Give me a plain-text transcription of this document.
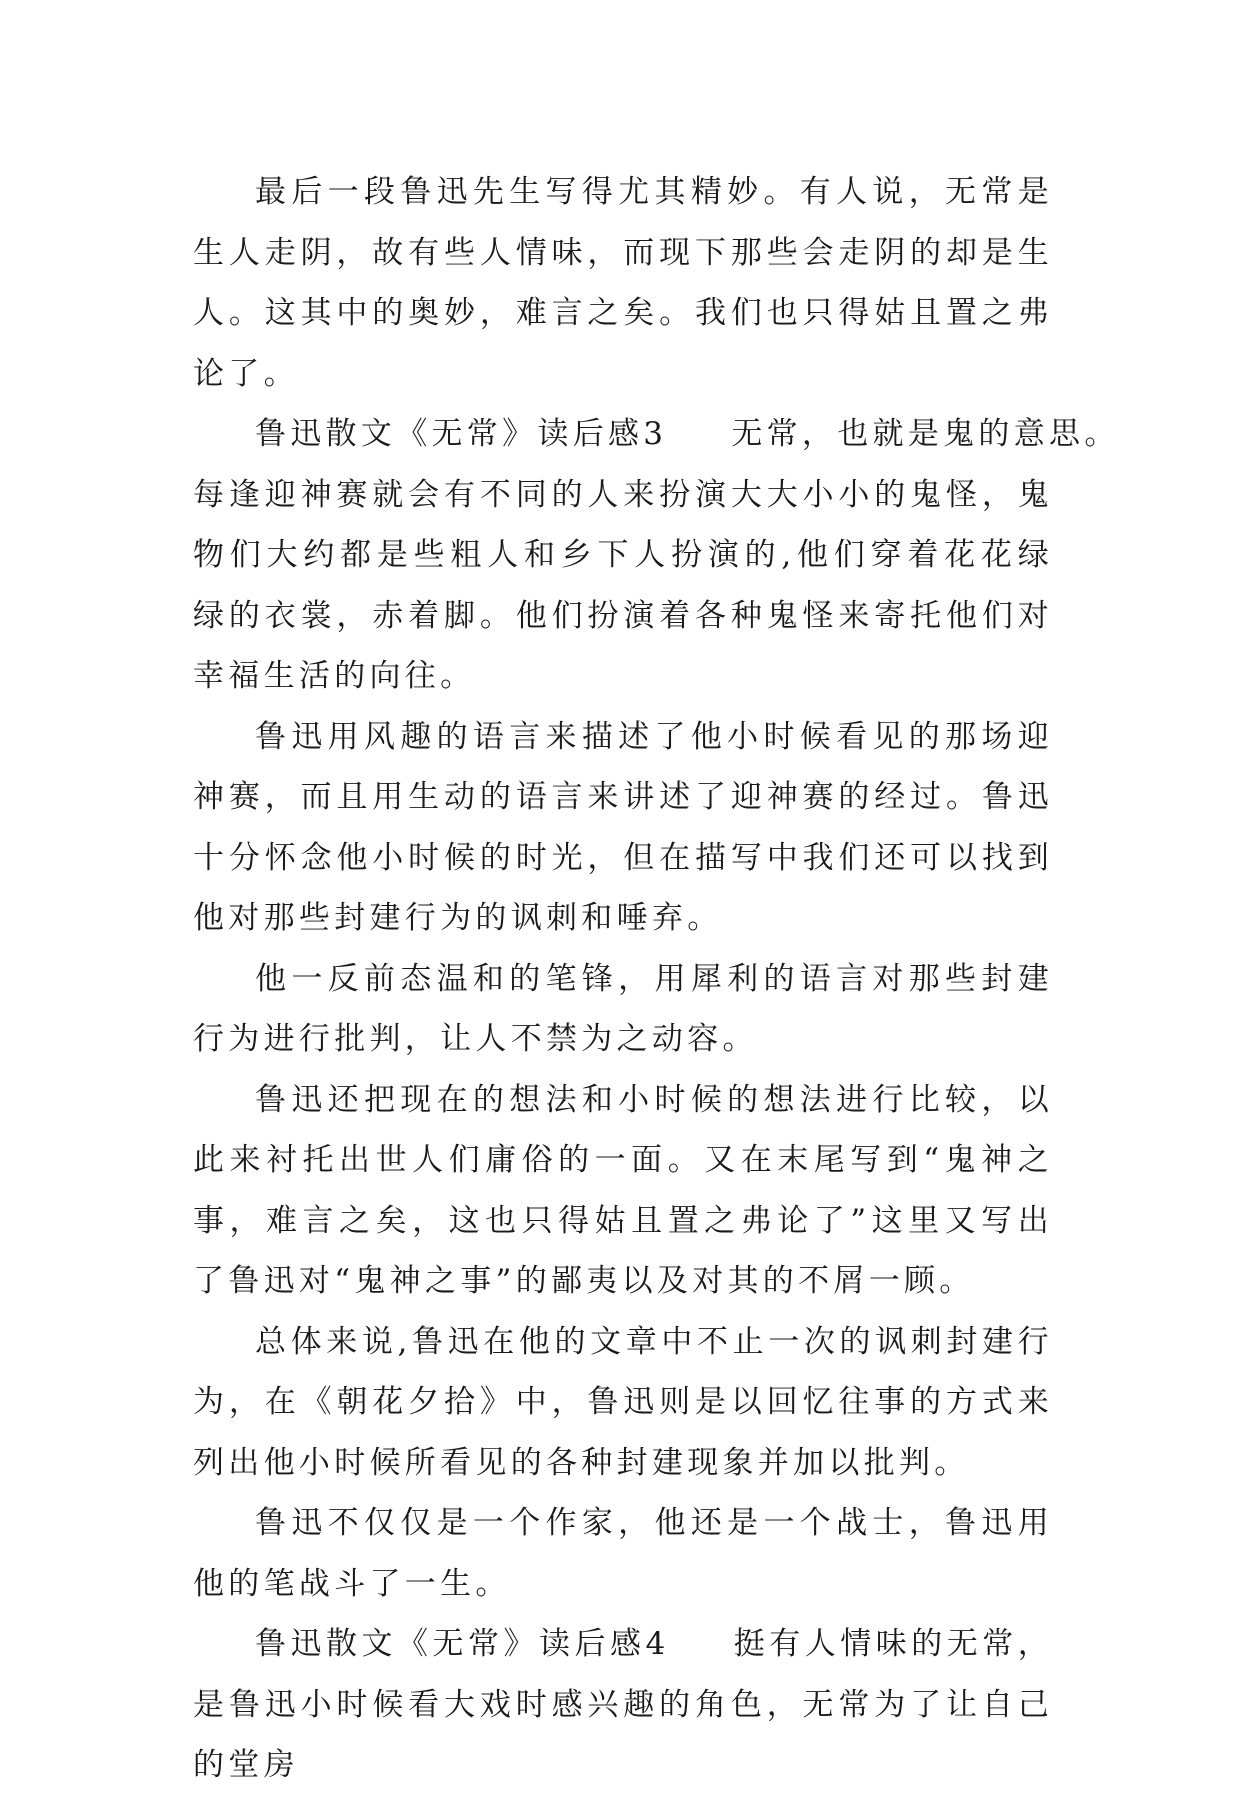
最后一段鲁迅先生写得尤其精妙。有人说，无常是生人走阴，故有些人情味，而现下那些会走阴的却是生人。这其中的奥妙，难言之矣。我们也只得姑且置之弗论了。

鲁迅散文《无常》读后感3 无常，也就是鬼的意思。每逢迎神赛就会有不同的人来扮演大大小小的鬼怪，鬼物们大约都是些粗人和乡下人扮演的,他们穿着花花绿绿的衣裳，赤着脚。他们扮演着各种鬼怪来寄托他们对幸福生活的向往。

鲁迅用风趣的语言来描述了他小时候看见的那场迎神赛，而且用生动的语言来讲述了迎神赛的经过。鲁迅十分怀念他小时候的时光，但在描写中我们还可以找到他对那些封建行为的讽刺和唾弃。

他一反前态温和的笔锋，用犀利的语言对那些封建行为进行批判，让人不禁为之动容。

鲁迅还把现在的想法和小时候的想法进行比较，以此来衬托出世人们庸俗的一面。又在末尾写到“鬼神之事，难言之矣，这也只得姑且置之弗论了”这里又写出了鲁迅对“鬼神之事”的鄙夷以及对其的不屑一顾。

总体来说,鲁迅在他的文章中不止一次的讽刺封建行为，在《朝花夕拾》中，鲁迅则是以回忆往事的方式来列出他小时候所看见的各种封建现象并加以批判。

鲁迅不仅仅是一个作家，他还是一个战士，鲁迅用他的笔战斗了一生。

鲁迅散文《无常》读后感4 挺有人情味的无常，是鲁迅小时候看大戏时感兴趣的角色，无常为了让自己的堂房
